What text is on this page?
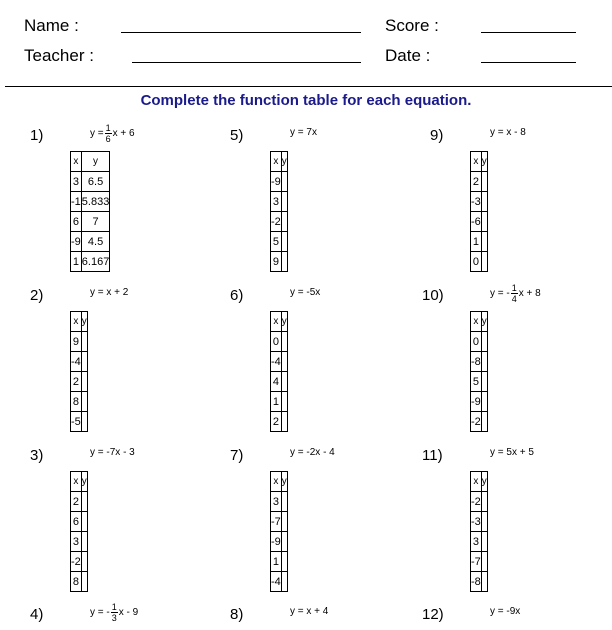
Name :
Teacher :
Score :
Date :
Complete the function table for each equation.
1)	$y = \frac{1}{6}$ x + 6
x	y
3	6.5
-1	5.833
6	7
-9	4.5
1	6.167
2)	y = x + 2
x	y
9	
-4	
2	
8	
-5	
3)	y = -7x - 3
x	y
2	
6	
3	
-2	
8	
4)	y = - $\frac{1}{3}$ x - 9
5)	y = 7x
x	y
-9	
3	
-2	
5	
9	
6)	y = -5x
x	y
0	
-4	
4	
1	
2	
7)	y = -2x - 4
x	y
3	
-7	
-9	
1	
-4	
8)	y = x + 4
9)	y = x - 8
x	y
2	
-3	
-6	
1	
0	
10)	y = - $\frac{1}{4}$ x + 8
x	y
0	
-8	
5	
-9	
-2	
11)	y = 5x + 5
x	y
-2	
-3	
3	
-7	
-8	
12)	y = -9x
